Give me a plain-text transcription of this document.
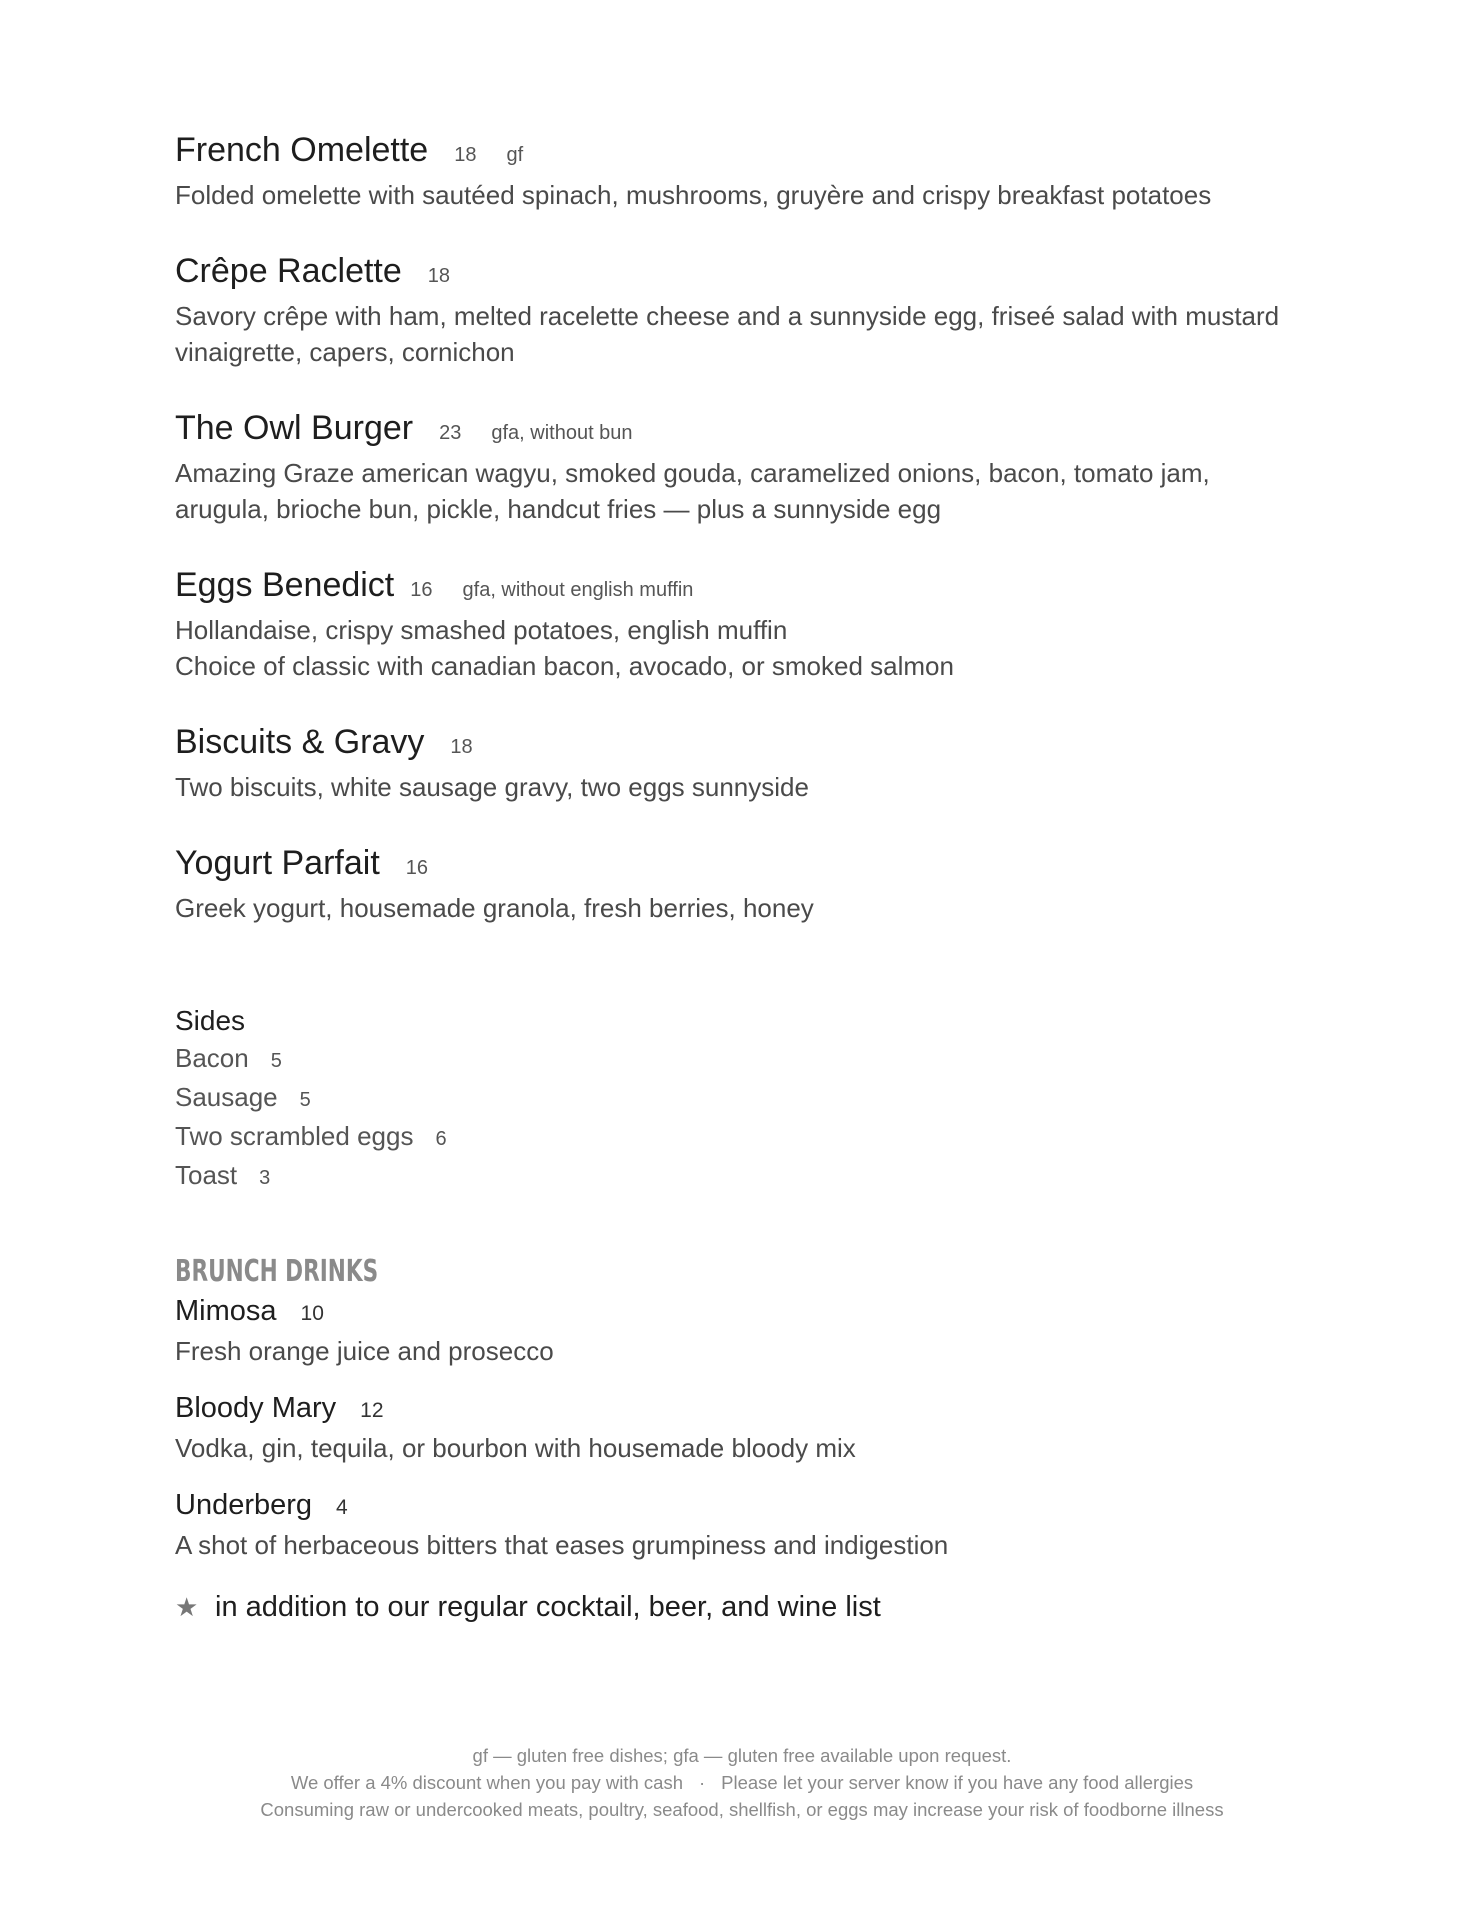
French Omelette 18 gf
Folded omelette with sautéed spinach, mushrooms, gruyère and crispy breakfast potatoes
Crêpe Raclette 18
Savory crêpe with ham, melted racelette cheese and a sunnyside egg, friseé salad with mustard
vinaigrette, capers, cornichon
The Owl Burger 23 gfa, without bun
Amazing Graze american wagyu, smoked gouda, caramelized onions, bacon, tomato jam,
arugula, brioche bun, pickle, handcut fries — plus a sunnyside egg
Eggs Benedict 16 gfa, without english muffin
Hollandaise, crispy smashed potatoes, english muffin
Choice of classic with canadian bacon, avocado, or smoked salmon
Biscuits & Gravy 18
Two biscuits, white sausage gravy, two eggs sunnyside
Yogurt Parfait 16
Greek yogurt, housemade granola, fresh berries, honey
Sides
Bacon 5
Sausage 5
Two scrambled eggs 6
Toast 3
BRUNCH DRINKS
Mimosa 10
Fresh orange juice and prosecco
Bloody Mary 12
Vodka, gin, tequila, or bourbon with housemade bloody mix
Underberg 4
A shot of herbaceous bitters that eases grumpiness and indigestion
★ in addition to our regular cocktail, beer, and wine list
gf — gluten free dishes; gfa — gluten free available upon request.
We offer a 4% discount when you pay with cash · Please let your server know if you have any food allergies
Consuming raw or undercooked meats, poultry, seafood, shellfish, or eggs may increase your risk of foodborne illness
